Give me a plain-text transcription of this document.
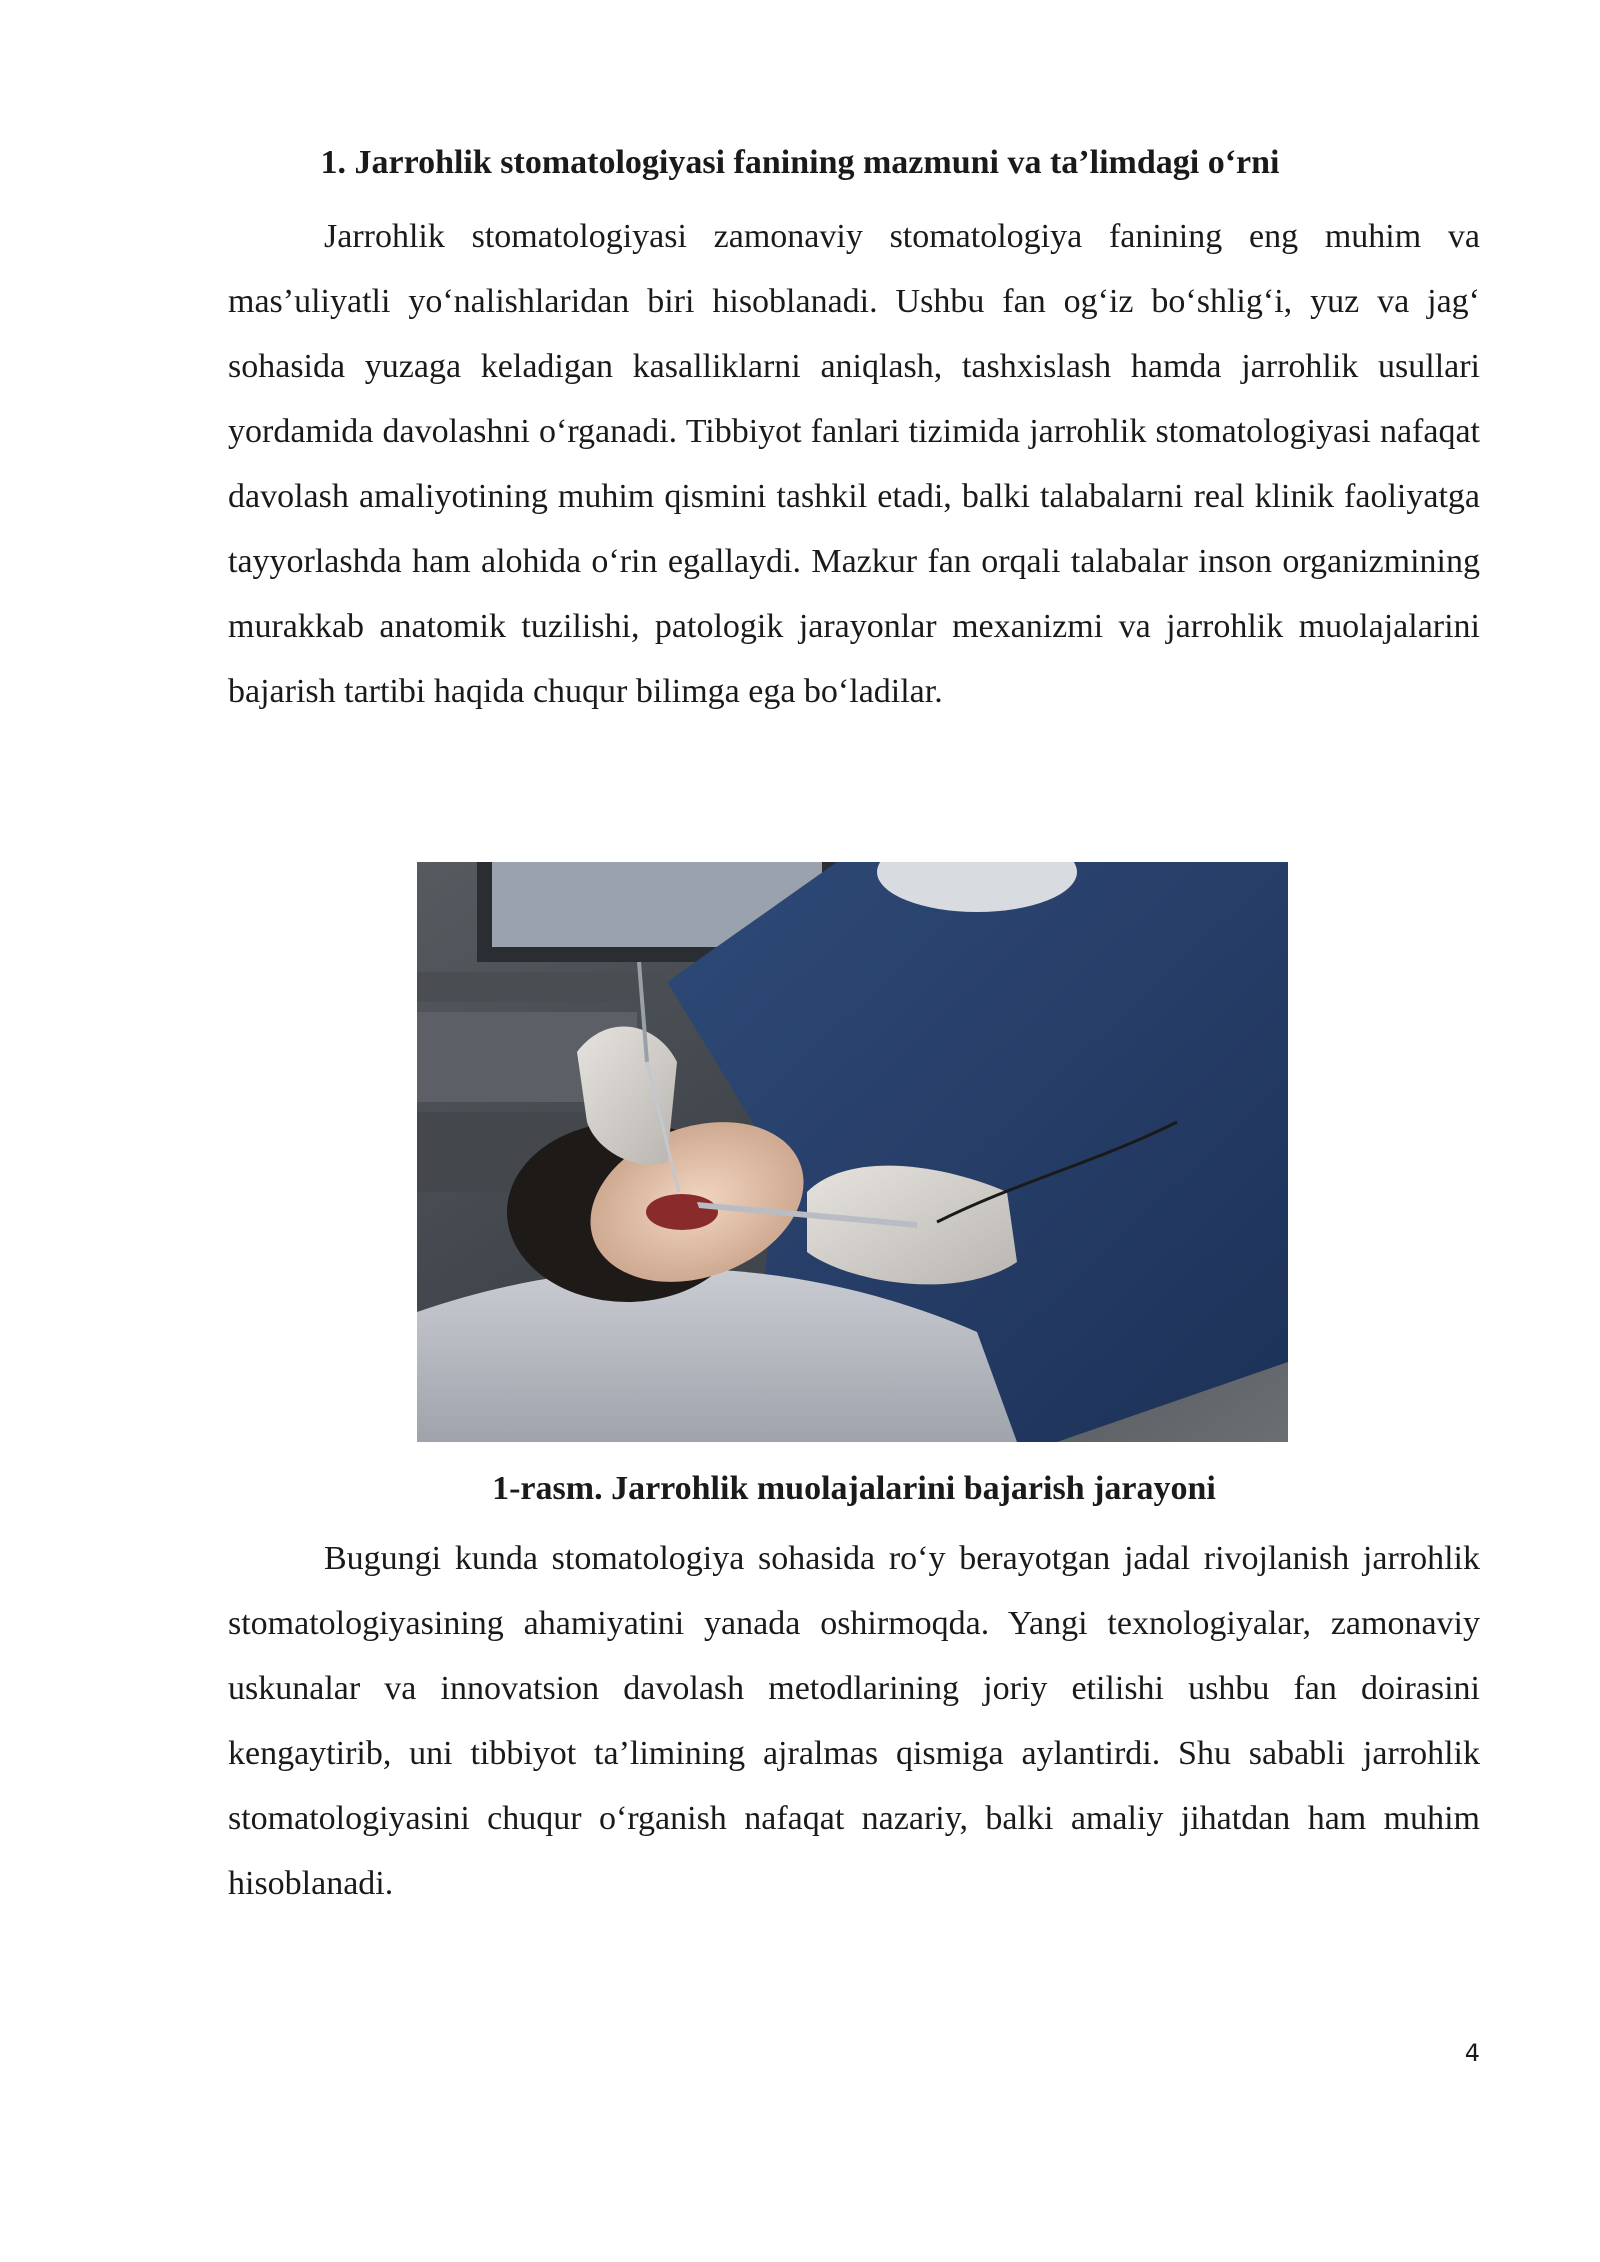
1. Jarrohlik stomatologiyasi fanining mazmuni va ta’limdagi o‘rni

Jarrohlik stomatologiyasi zamonaviy stomatologiya fanining eng muhim va mas’uliyatli yo‘nalishlaridan biri hisoblanadi. Ushbu fan og‘iz bo‘shlig‘i, yuz va jag‘ sohasida yuzaga keladigan kasalliklarni aniqlash, tashxislash hamda jarrohlik usullari yordamida davolashni o‘rganadi. Tibbiyot fanlari tizimida jarrohlik stomatologiyasi nafaqat davolash amaliyotining muhim qismini tashkil etadi, balki talabalarni real klinik faoliyatga tayyorlashda ham alohida o‘rin egallaydi. Mazkur fan orqali talabalar inson organizmining murakkab anatomik tuzilishi, patologik jarayonlar mexanizmi va jarrohlik muolajalarini bajarish tartibi haqida chuqur bilimga ega bo‘ladilar.

1-rasm. Jarrohlik muolajalarini bajarish jarayoni

Bugungi kunda stomatologiya sohasida ro‘y berayotgan jadal rivojlanish jarrohlik stomatologiyasining ahamiyatini yanada oshirmoqda. Yangi texnologiyalar, zamonaviy uskunalar va innovatsion davolash metodlarining joriy etilishi ushbu fan doirasini kengaytirib, uni tibbiyot ta’limining ajralmas qismiga aylantirdi. Shu sababli jarrohlik stomatologiyasini chuqur o‘rganish nafaqat nazariy, balki amaliy jihatdan ham muhim hisoblanadi.

4
